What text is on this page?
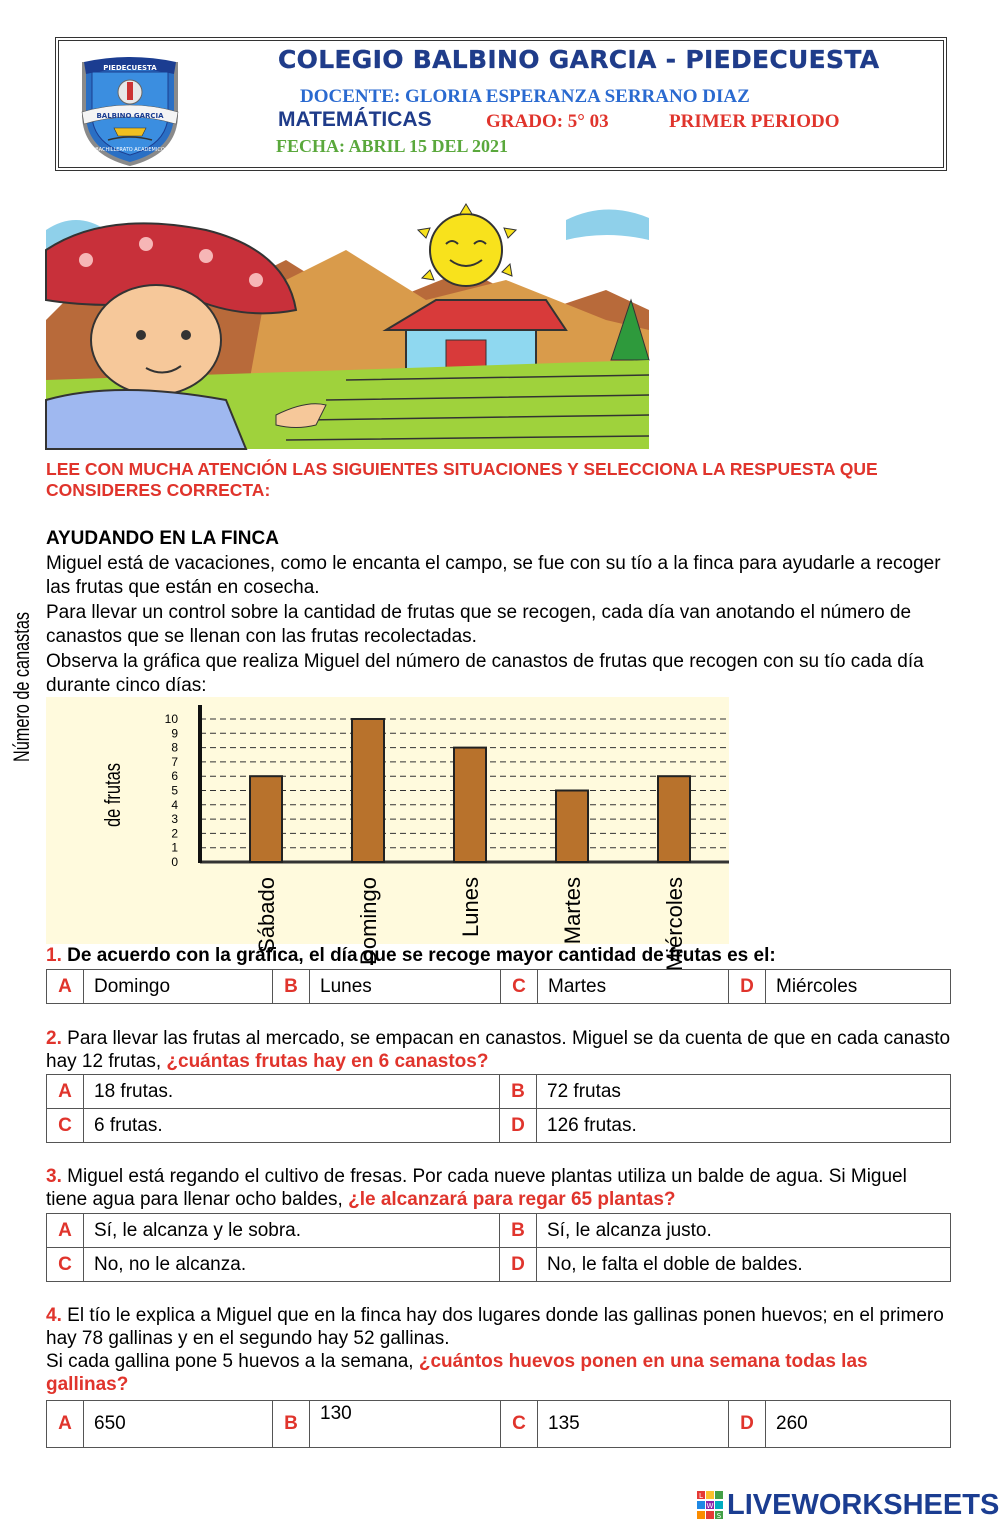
PIEDECUESTA
BALBINO GARCIA
BACHILLERATO ACADEMICO
COLEGIO BALBINO GARCIA - PIEDECUESTA
DOCENTE: GLORIA ESPERANZA SERRANO DIAZ
MATEMÁTICAS	GRADO: 5° 03	PRIMER PERIODO
FECHA: ABRIL 15 DEL 2021
LEE CON MUCHA ATENCIÓN LAS SIGUIENTES SITUACIONES Y SELECCIONA LA RESPUESTA QUE CONSIDERES CORRECTA:
AYUDANDO EN LA FINCA
Miguel está de vacaciones, como le encanta el campo, se fue con su tío a la finca para ayudarle a recoger las frutas que están en cosecha.
Para llevar un control sobre la cantidad de frutas que se recogen, cada día van anotando el número de canastos que se llenan con las frutas recolectadas.
Observa la gráfica que realiza Miguel del número de canastos de frutas que recogen con su tío cada día durante cinco días:
0
1
2
3
4
5
6
7
8
9
10
Sábado	Domingo	Lunes	Martes	Miércoles
Número de canastas
de frutas
1. De acuerdo con la gráfica, el día que se recoge mayor cantidad de frutas es el:
A	Domingo	B	Lunes	C	Martes	D	Miércoles
2. Para llevar las frutas al mercado, se empacan en canastos. Miguel se da cuenta de que en cada canasto hay 12 frutas, ¿cuántas frutas hay en 6 canastos?
A	18 frutas.	B	72 frutas
C	6 frutas.	D	126 frutas.
3. Miguel está regando el cultivo de fresas. Por cada nueve plantas utiliza un balde de agua. Si Miguel tiene agua para llenar ocho baldes, ¿le alcanzará para regar 65 plantas?
A	Sí, le alcanza y le sobra.	B	Sí, le alcanza justo.
C	No, no le alcanza.	D	No, le falta el doble de baldes.
4. El tío le explica a Miguel que en la finca hay dos lugares donde las gallinas ponen huevos; en el primero hay 78 gallinas y en el segundo hay 52 gallinas.
Si cada gallina pone 5 huevos a la semana, ¿cuántos huevos ponen en una semana todas las gallinas?
A	650	B	130	C	135	D	260
L
W
S LIVEWORKSHEETS
